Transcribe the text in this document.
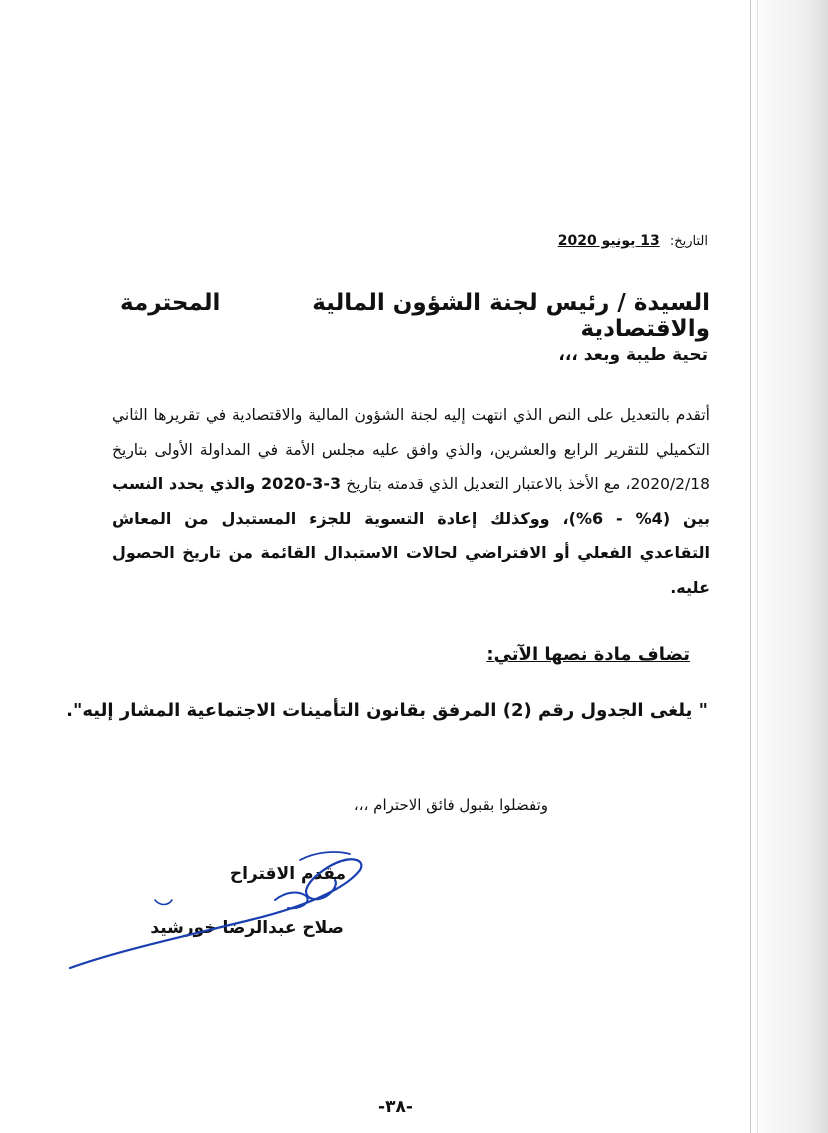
التاريخ: 13 يونيو 2020
السيدة / رئيس لجنة الشؤون المالية والاقتصادية
المحترمة
تحية طيبة وبعد ،،،
أتقدم بالتعديل على النص الذي انتهت إليه لجنة الشؤون المالية والاقتصادية في تقريرها الثاني التكميلي للتقرير الرابع والعشرين، والذي وافق عليه مجلس الأمة في المداولة الأولى بتاريخ 2020/2/18، مع الأخذ بالاعتبار التعديل الذي قدمته بتاريخ 3-3-2020 والذي يحدد النسب بين (4% - 6%)، ووكذلك إعادة التسوية للجزء المستبدل من المعاش التقاعدي الفعلي أو الافتراضي لحالات الاستبدال القائمة من تاريخ الحصول عليه.
تضاف مادة نصها الآتي:
" يلغى الجدول رقم (2) المرفق بقانون التأمينات الاجتماعية المشار إليه".
وتفضلوا بقبول فائق الاحترام ،،،
مقدم الاقتراح
صلاح عبدالرضا خورشيد
-٣٨-
